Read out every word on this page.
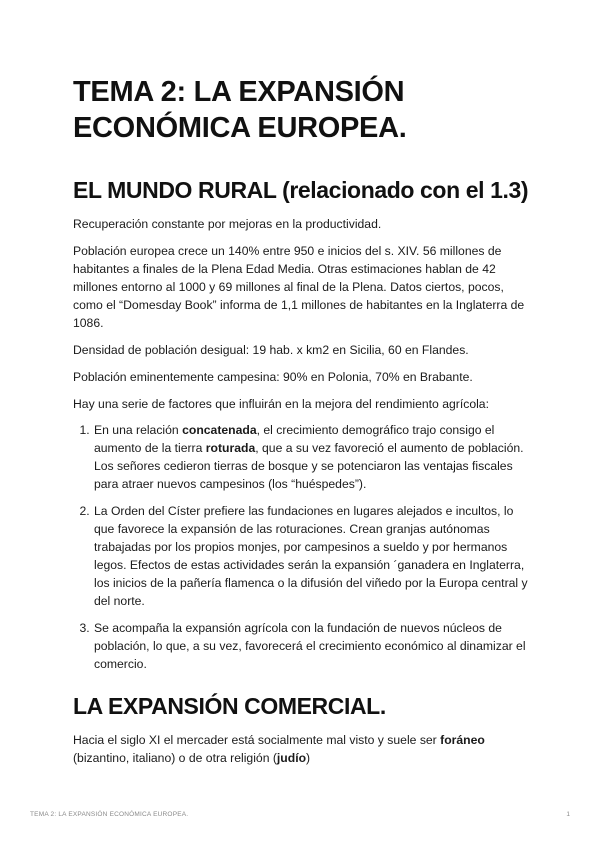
TEMA 2: LA EXPANSIÓN ECONÓMICA EUROPEA.
EL MUNDO RURAL (relacionado con el 1.3)

Recuperación constante por mejoras en la productividad.

Población europea crece un 140% entre 950 e inicios del s. XIV. 56 millones de habitantes a finales de la Plena Edad Media. Otras estimaciones hablan de 42 millones entorno al 1000 y 69 millones al final de la Plena. Datos ciertos, pocos, como el “Domesday Book” informa de 1,1 millones de habitantes en la Inglaterra de 1086.

Densidad de población desigual: 19 hab. x km2 en Sicilia, 60 en Flandes.

Población eminentemente campesina: 90% en Polonia, 70% en Brabante.

Hay una serie de factores que influirán en la mejora del rendimiento agrícola:

1. En una relación concatenada, el crecimiento demográfico trajo consigo el aumento de la tierra roturada, que a su vez favoreció el aumento de población. Los señores cedieron tierras de bosque y se potenciaron las ventajas fiscales para atraer nuevos campesinos (los “huéspedes”).
2. La Orden del Císter prefiere las fundaciones en lugares alejados e incultos, lo que favorece la expansión de las roturaciones. Crean granjas autónomas trabajadas por los propios monjes, por campesinos a sueldo y por hermanos legos. Efectos de estas actividades serán la expansión ´ganadera en Inglaterra, los inicios de la pañería flamenca o la difusión del viñedo por la Europa central y del norte.
3. Se acompaña la expansión agrícola con la fundación de nuevos núcleos de población, lo que, a su vez, favorecerá el crecimiento económico al dinamizar el comercio.
LA EXPANSIÓN COMERCIAL.

Hacia el siglo XI el mercader está socialmente mal visto y suele ser foráneo (bizantino, italiano) o de otra religión (judío)

TEMA 2: LA EXPANSIÓN ECONÓMICA EUROPEA.	1
